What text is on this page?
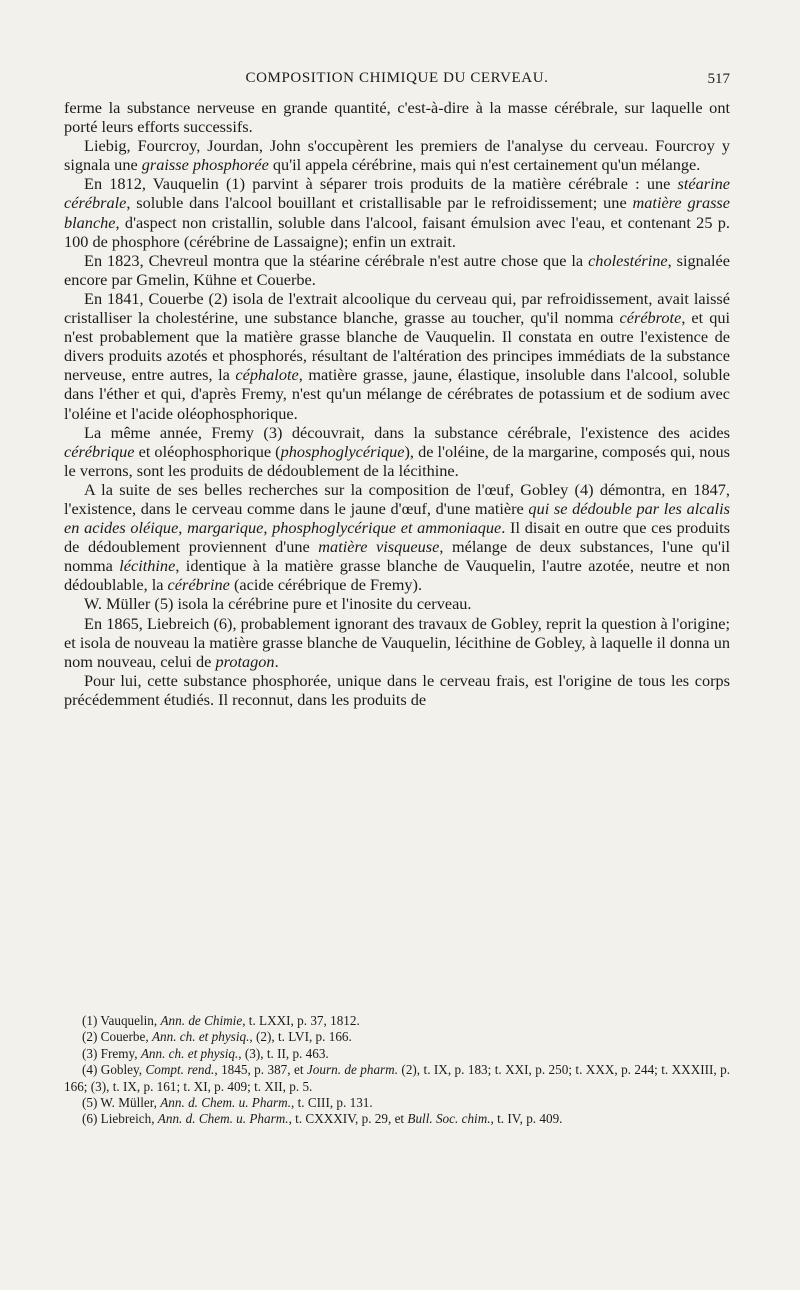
COMPOSITION CHIMIQUE DU CERVEAU.	517

ferme la substance nerveuse en grande quantité, c'est-à-dire à la masse cérébrale, sur laquelle ont porté leurs efforts successifs.

Liebig, Fourcroy, Jourdan, John s'occupèrent les premiers de l'analyse du cerveau. Fourcroy y signala une graisse phosphorée qu'il appela cérébrine, mais qui n'est certainement qu'un mélange.

En 1812, Vauquelin (1) parvint à séparer trois produits de la matière cérébrale : une stéarine cérébrale, soluble dans l'alcool bouillant et cristallisable par le refroidissement; une matière grasse blanche, d'aspect non cristallin, soluble dans l'alcool, faisant émulsion avec l'eau, et contenant 25 p. 100 de phosphore (cérébrine de Lassaigne); enfin un extrait.

En 1823, Chevreul montra que la stéarine cérébrale n'est autre chose que la cholestérine, signalée encore par Gmelin, Kühne et Couerbe.

En 1841, Couerbe (2) isola de l'extrait alcoolique du cerveau qui, par refroidissement, avait laissé cristalliser la cholestérine, une substance blanche, grasse au toucher, qu'il nomma cérébrote, et qui n'est probablement que la matière grasse blanche de Vauquelin. Il constata en outre l'existence de divers produits azotés et phosphorés, résultant de l'altération des principes immédiats de la substance nerveuse, entre autres, la céphalote, matière grasse, jaune, élastique, insoluble dans l'alcool, soluble dans l'éther et qui, d'après Fremy, n'est qu'un mélange de cérébrates de potassium et de sodium avec l'oléine et l'acide oléophosphorique.

La même année, Fremy (3) découvrait, dans la substance cérébrale, l'existence des acides cérébrique et oléophosphorique (phosphoglycérique), de l'oléine, de la margarine, composés qui, nous le verrons, sont les produits de dédoublement de la lécithine.

A la suite de ses belles recherches sur la composition de l'œuf, Gobley (4) démontra, en 1847, l'existence, dans le cerveau comme dans le jaune d'œuf, d'une matière qui se dédouble par les alcalis en acides oléique, margarique, phosphoglycérique et ammoniaque. Il disait en outre que ces produits de dédoublement proviennent d'une matière visqueuse, mélange de deux substances, l'une qu'il nomma lécithine, identique à la matière grasse blanche de Vauquelin, l'autre azotée, neutre et non dédoublable, la cérébrine (acide cérébrique de Fremy).

W. Müller (5) isola la cérébrine pure et l'inosite du cerveau.

En 1865, Liebreich (6), probablement ignorant des travaux de Gobley, reprit la question à l'origine; et isola de nouveau la matière grasse blanche de Vauquelin, lécithine de Gobley, à laquelle il donna un nom nouveau, celui de protagon.

Pour lui, cette substance phosphorée, unique dans le cerveau frais, est l'origine de tous les corps précédemment étudiés. Il reconnut, dans les produits de

(1) Vauquelin, Ann. de Chimie, t. LXXI, p. 37, 1812.

(2) Couerbe, Ann. ch. et physiq., (2), t. LVI, p. 166.

(3) Fremy, Ann. ch. et physiq., (3), t. II, p. 463.

(4) Gobley, Compt. rend., 1845, p. 387, et Journ. de pharm. (2), t. IX, p. 183; t. XXI, p. 250; t. XXX, p. 244; t. XXXIII, p. 166; (3), t. IX, p. 161; t. XI, p. 409; t. XII, p. 5.

(5) W. Müller, Ann. d. Chem. u. Pharm., t. CIII, p. 131.

(6) Liebreich, Ann. d. Chem. u. Pharm., t. CXXXIV, p. 29, et Bull. Soc. chim., t. IV, p. 409.
